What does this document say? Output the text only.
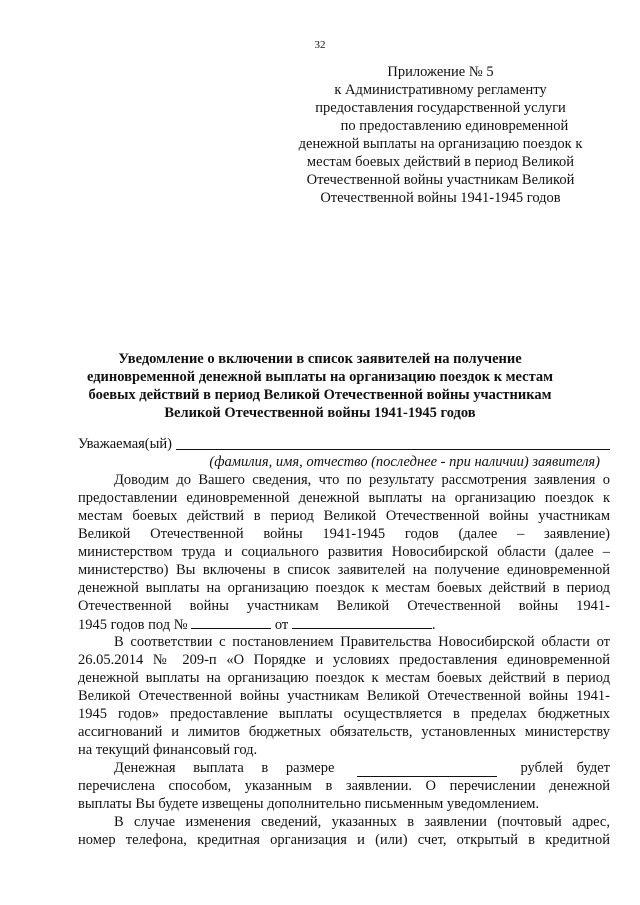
32
Приложение № 5
к Административному регламенту
предоставления государственной услуги
по предоставлению единовременной
денежной выплаты на организацию поездок к
местам боевых действий в период Великой
Отечественной войны участникам Великой
Отечественной войны 1941-1945 годов
Уведомление о включении в список заявителей на получение
единовременной денежной выплаты на организацию поездок к местам
боевых действий в период Великой Отечественной войны участникам
Великой Отечественной войны 1941-1945 годов
Уважаемая(ый)
(фамилия, имя, отчество (последнее - при наличии) заявителя)
Доводим до Вашего сведения, что по результату рассмотрения заявления о
предоставлении единовременной денежной выплаты на организацию поездок к
местам боевых действий в период Великой Отечественной войны участникам
Великой Отечественной войны 1941-1945 годов (далее – заявление)
министерством труда и социального развития Новосибирской области (далее –
министерство) Вы включены в список заявителей на получение единовременной
денежной выплаты на организацию поездок к местам боевых действий в период
Отечественной войны участникам Великой Отечественной войны 1941-
1945 годов под №	от	.
В соответствии с постановлением Правительства Новосибирской области от
26.05.2014 № 209-п «О Порядке и условиях предоставления единовременной
денежной выплаты на организацию поездок к местам боевых действий в период
Великой Отечественной войны участникам Великой Отечественной войны 1941-
1945 годов» предоставление выплаты осуществляется в пределах бюджетных
ассигнований и лимитов бюджетных обязательств, установленных министерству
на текущий финансовый год.
Денежная выплата в размере	рублей будет
перечислена способом, указанным в заявлении. О перечислении денежной
выплаты Вы будете извещены дополнительно письменным уведомлением.
В случае изменения сведений, указанных в заявлении (почтовый адрес,
номер телефона, кредитная организация и (или) счет, открытый в кредитной
